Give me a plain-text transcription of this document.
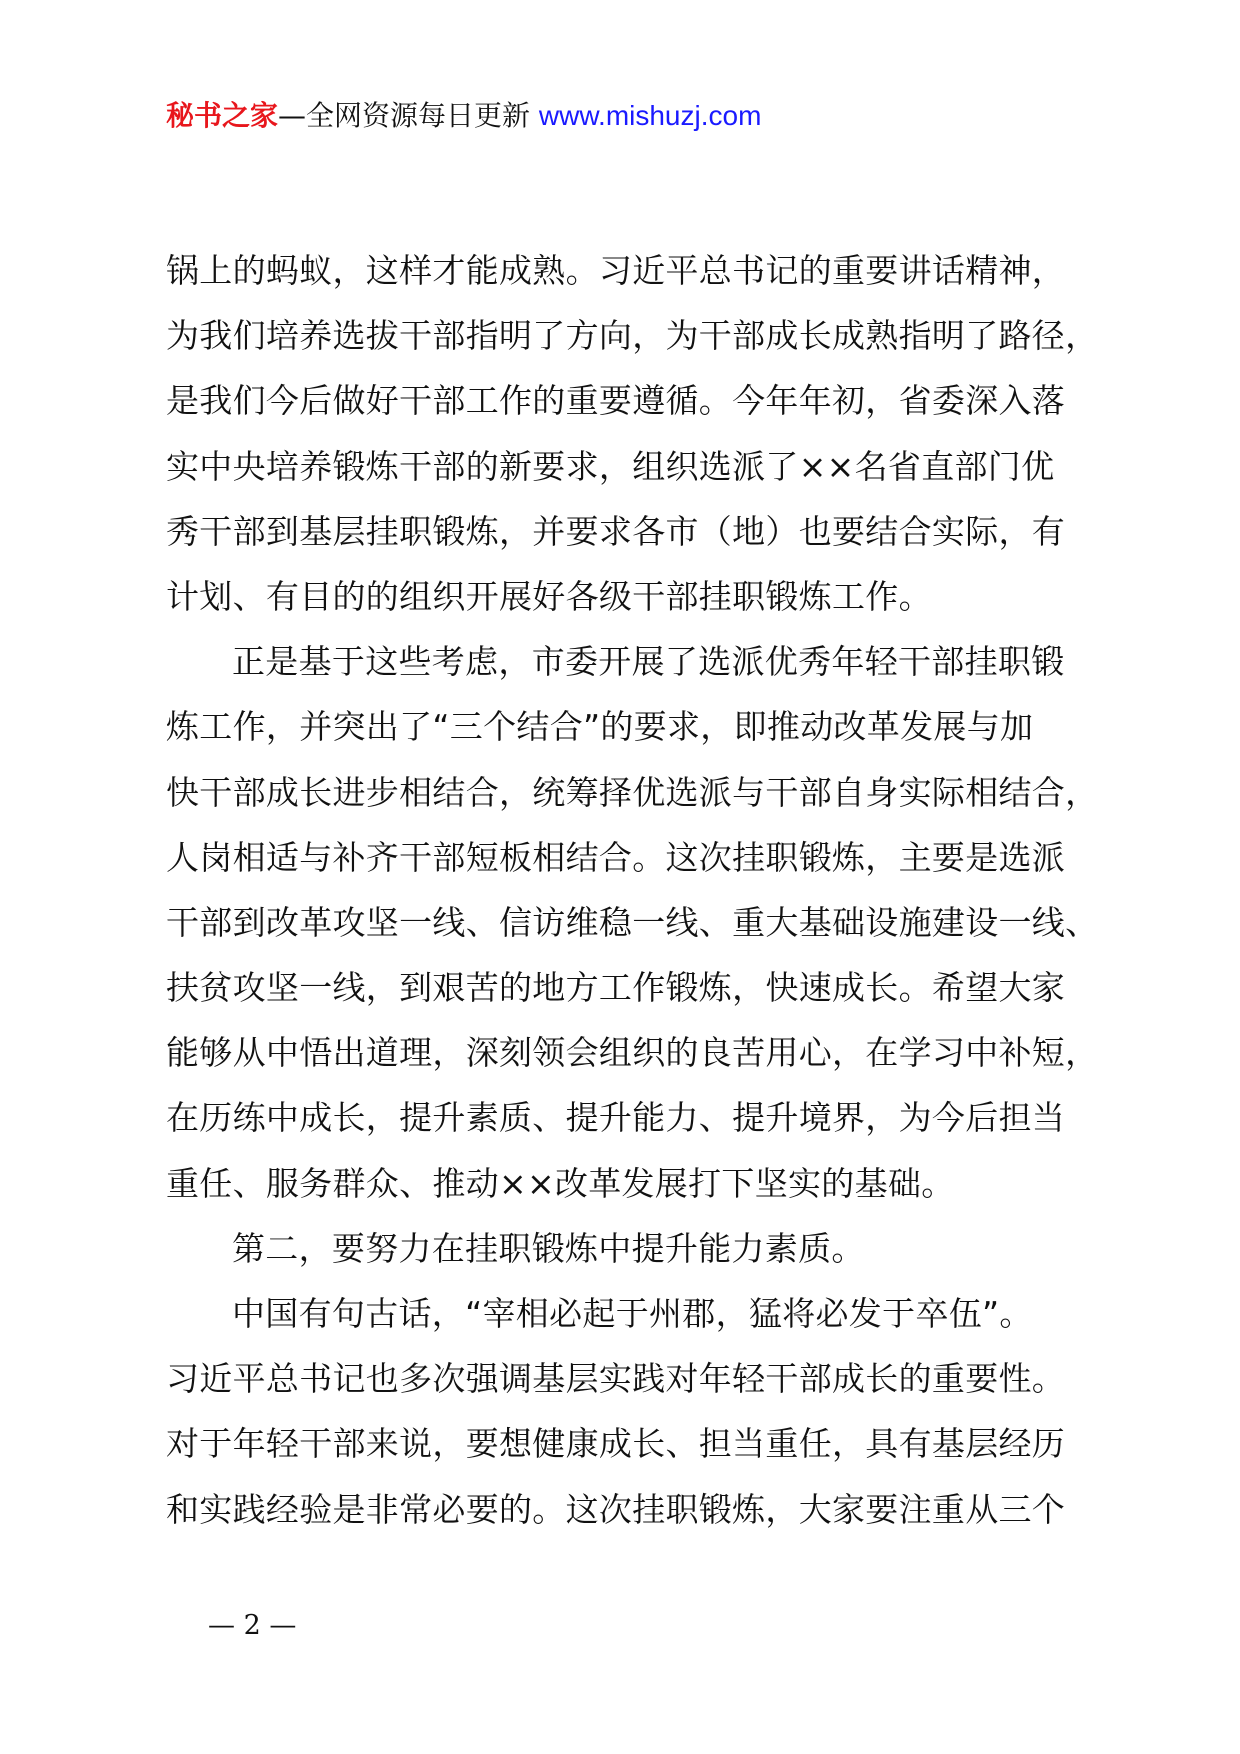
秘书之家—全网资源每日更新 www.mishuzj.com
锅上的蚂蚁，这样才能成熟。习近平总书记的重要讲话精神，
为我们培养选拔干部指明了方向，为干部成长成熟指明了路径，
是我们今后做好干部工作的重要遵循。今年年初，省委深入落
实中央培养锻炼干部的新要求，组织选派了××名省直部门优
秀干部到基层挂职锻炼，并要求各市（地）也要结合实际，有
计划、有目的的组织开展好各级干部挂职锻炼工作。
正是基于这些考虑，市委开展了选派优秀年轻干部挂职锻
炼工作，并突出了“三个结合”的要求，即推动改革发展与加
快干部成长进步相结合，统筹择优选派与干部自身实际相结合，
人岗相适与补齐干部短板相结合。这次挂职锻炼，主要是选派
干部到改革攻坚一线、信访维稳一线、重大基础设施建设一线、
扶贫攻坚一线，到艰苦的地方工作锻炼，快速成长。希望大家
能够从中悟出道理，深刻领会组织的良苦用心，在学习中补短，
在历练中成长，提升素质、提升能力、提升境界，为今后担当
重任、服务群众、推动××改革发展打下坚实的基础。
第二，要努力在挂职锻炼中提升能力素质。
中国有句古话，“宰相必起于州郡，猛将必发于卒伍”。
习近平总书记也多次强调基层实践对年轻干部成长的重要性。
对于年轻干部来说，要想健康成长、担当重任，具有基层经历
和实践经验是非常必要的。这次挂职锻炼，大家要注重从三个
— 2 —
